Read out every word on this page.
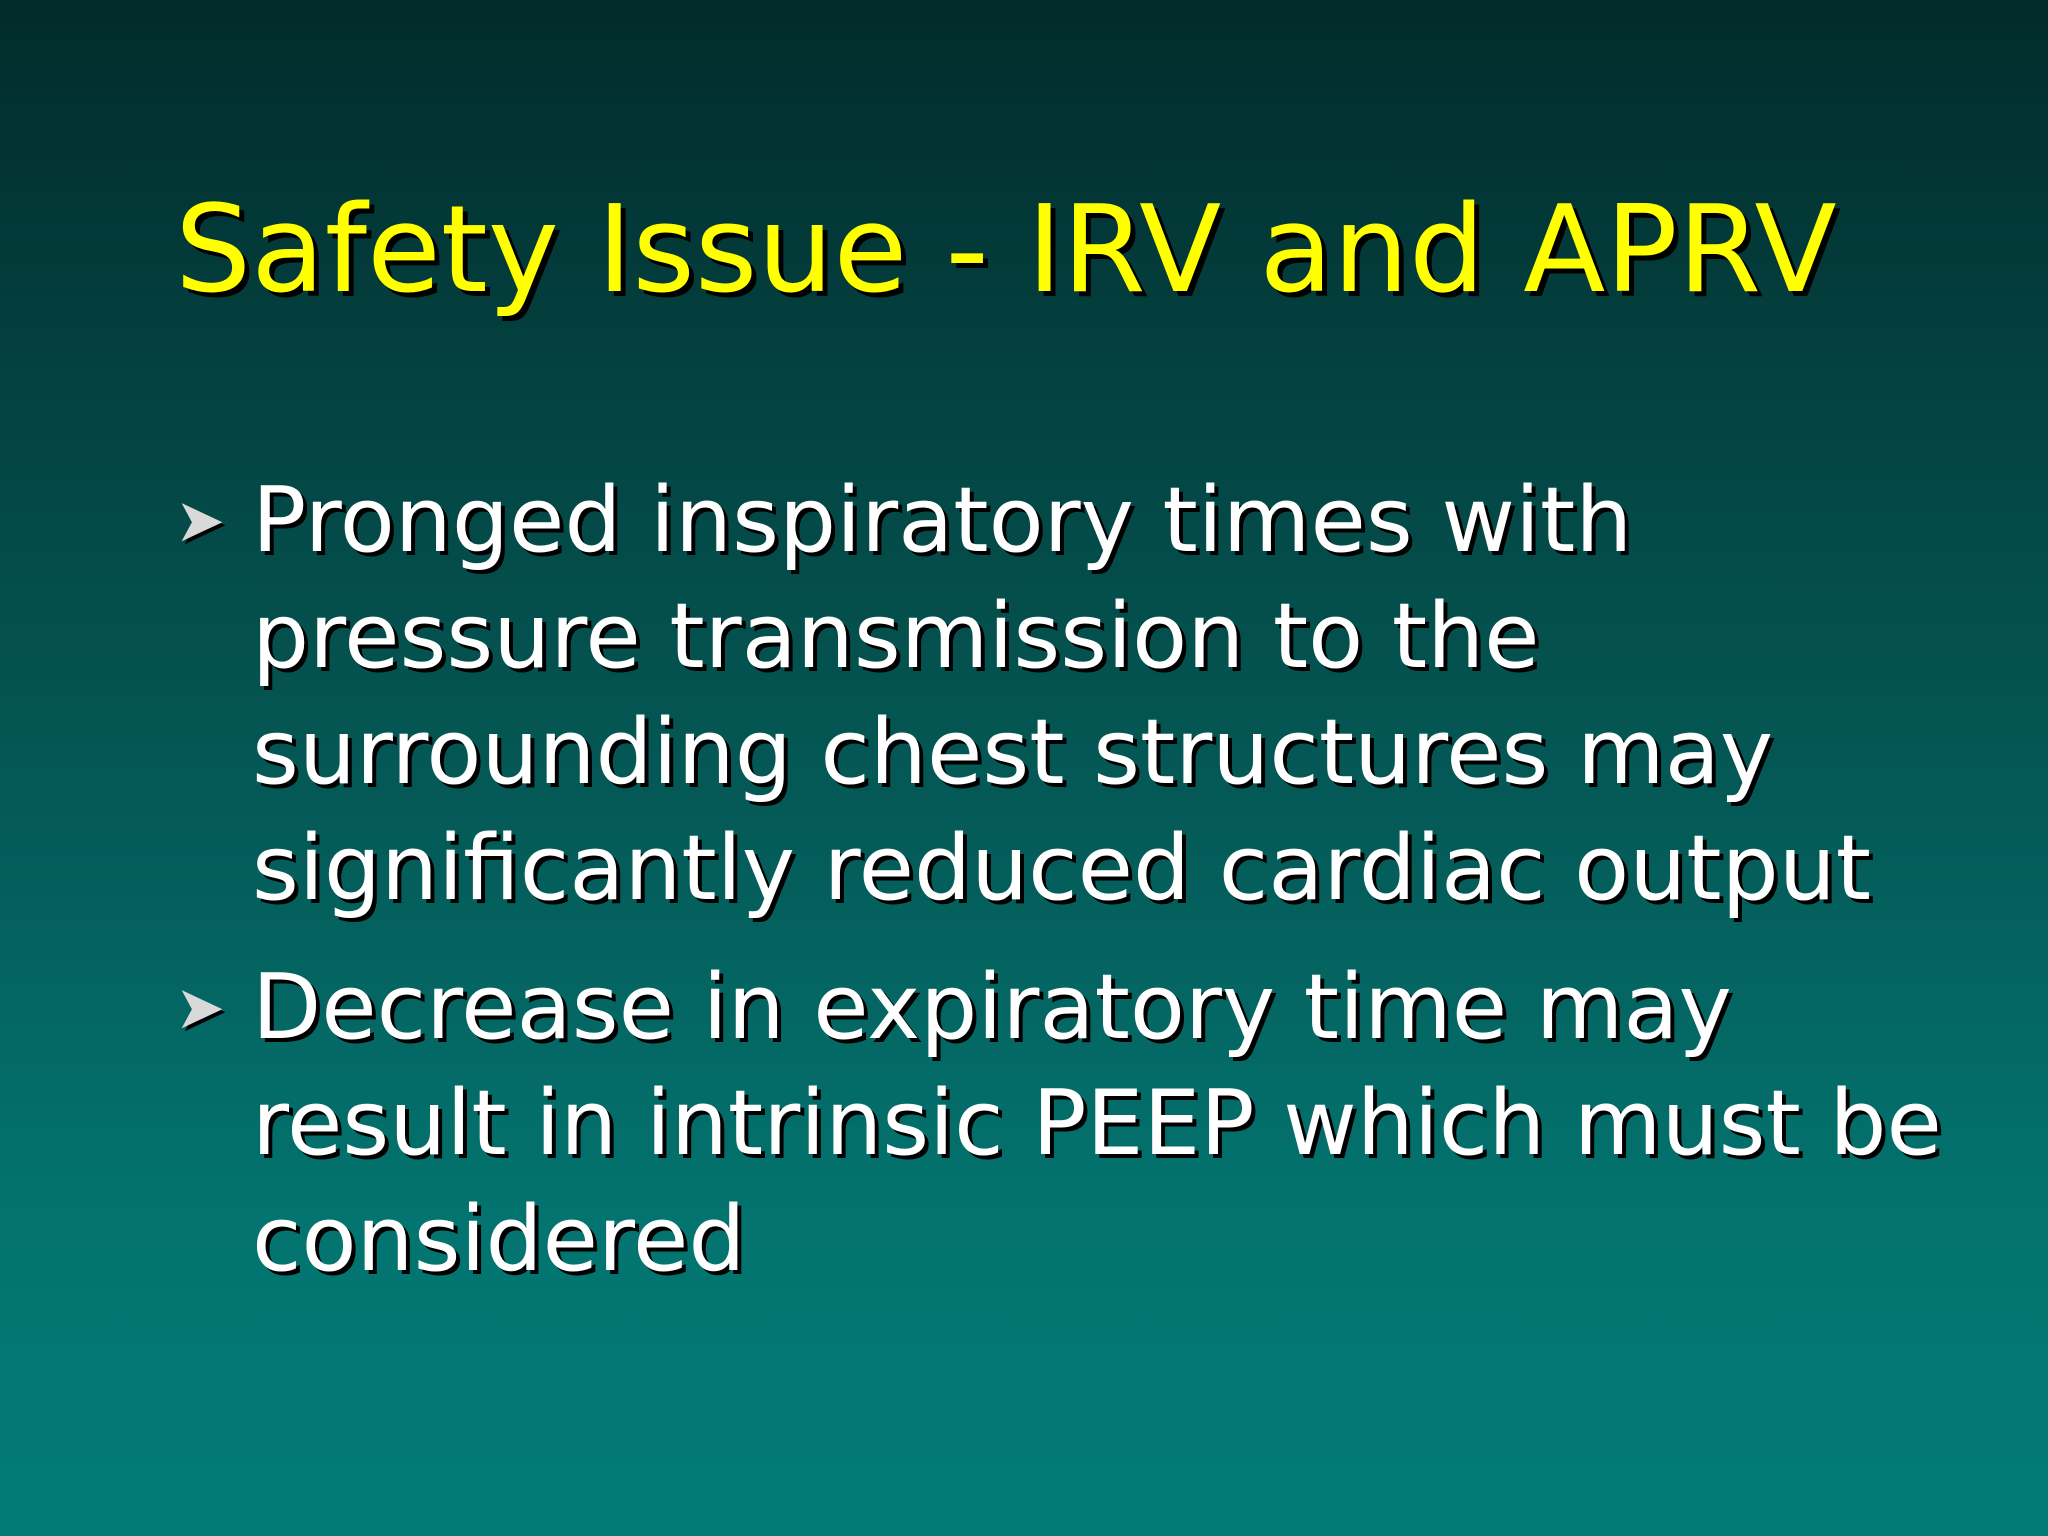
Safety Issue - IRV and APRV
➤ Pronged inspiratory times with pressure transmission to the surrounding chest structures may significantly reduced cardiac output
➤ Decrease in expiratory time may result in intrinsic PEEP which must be considered
